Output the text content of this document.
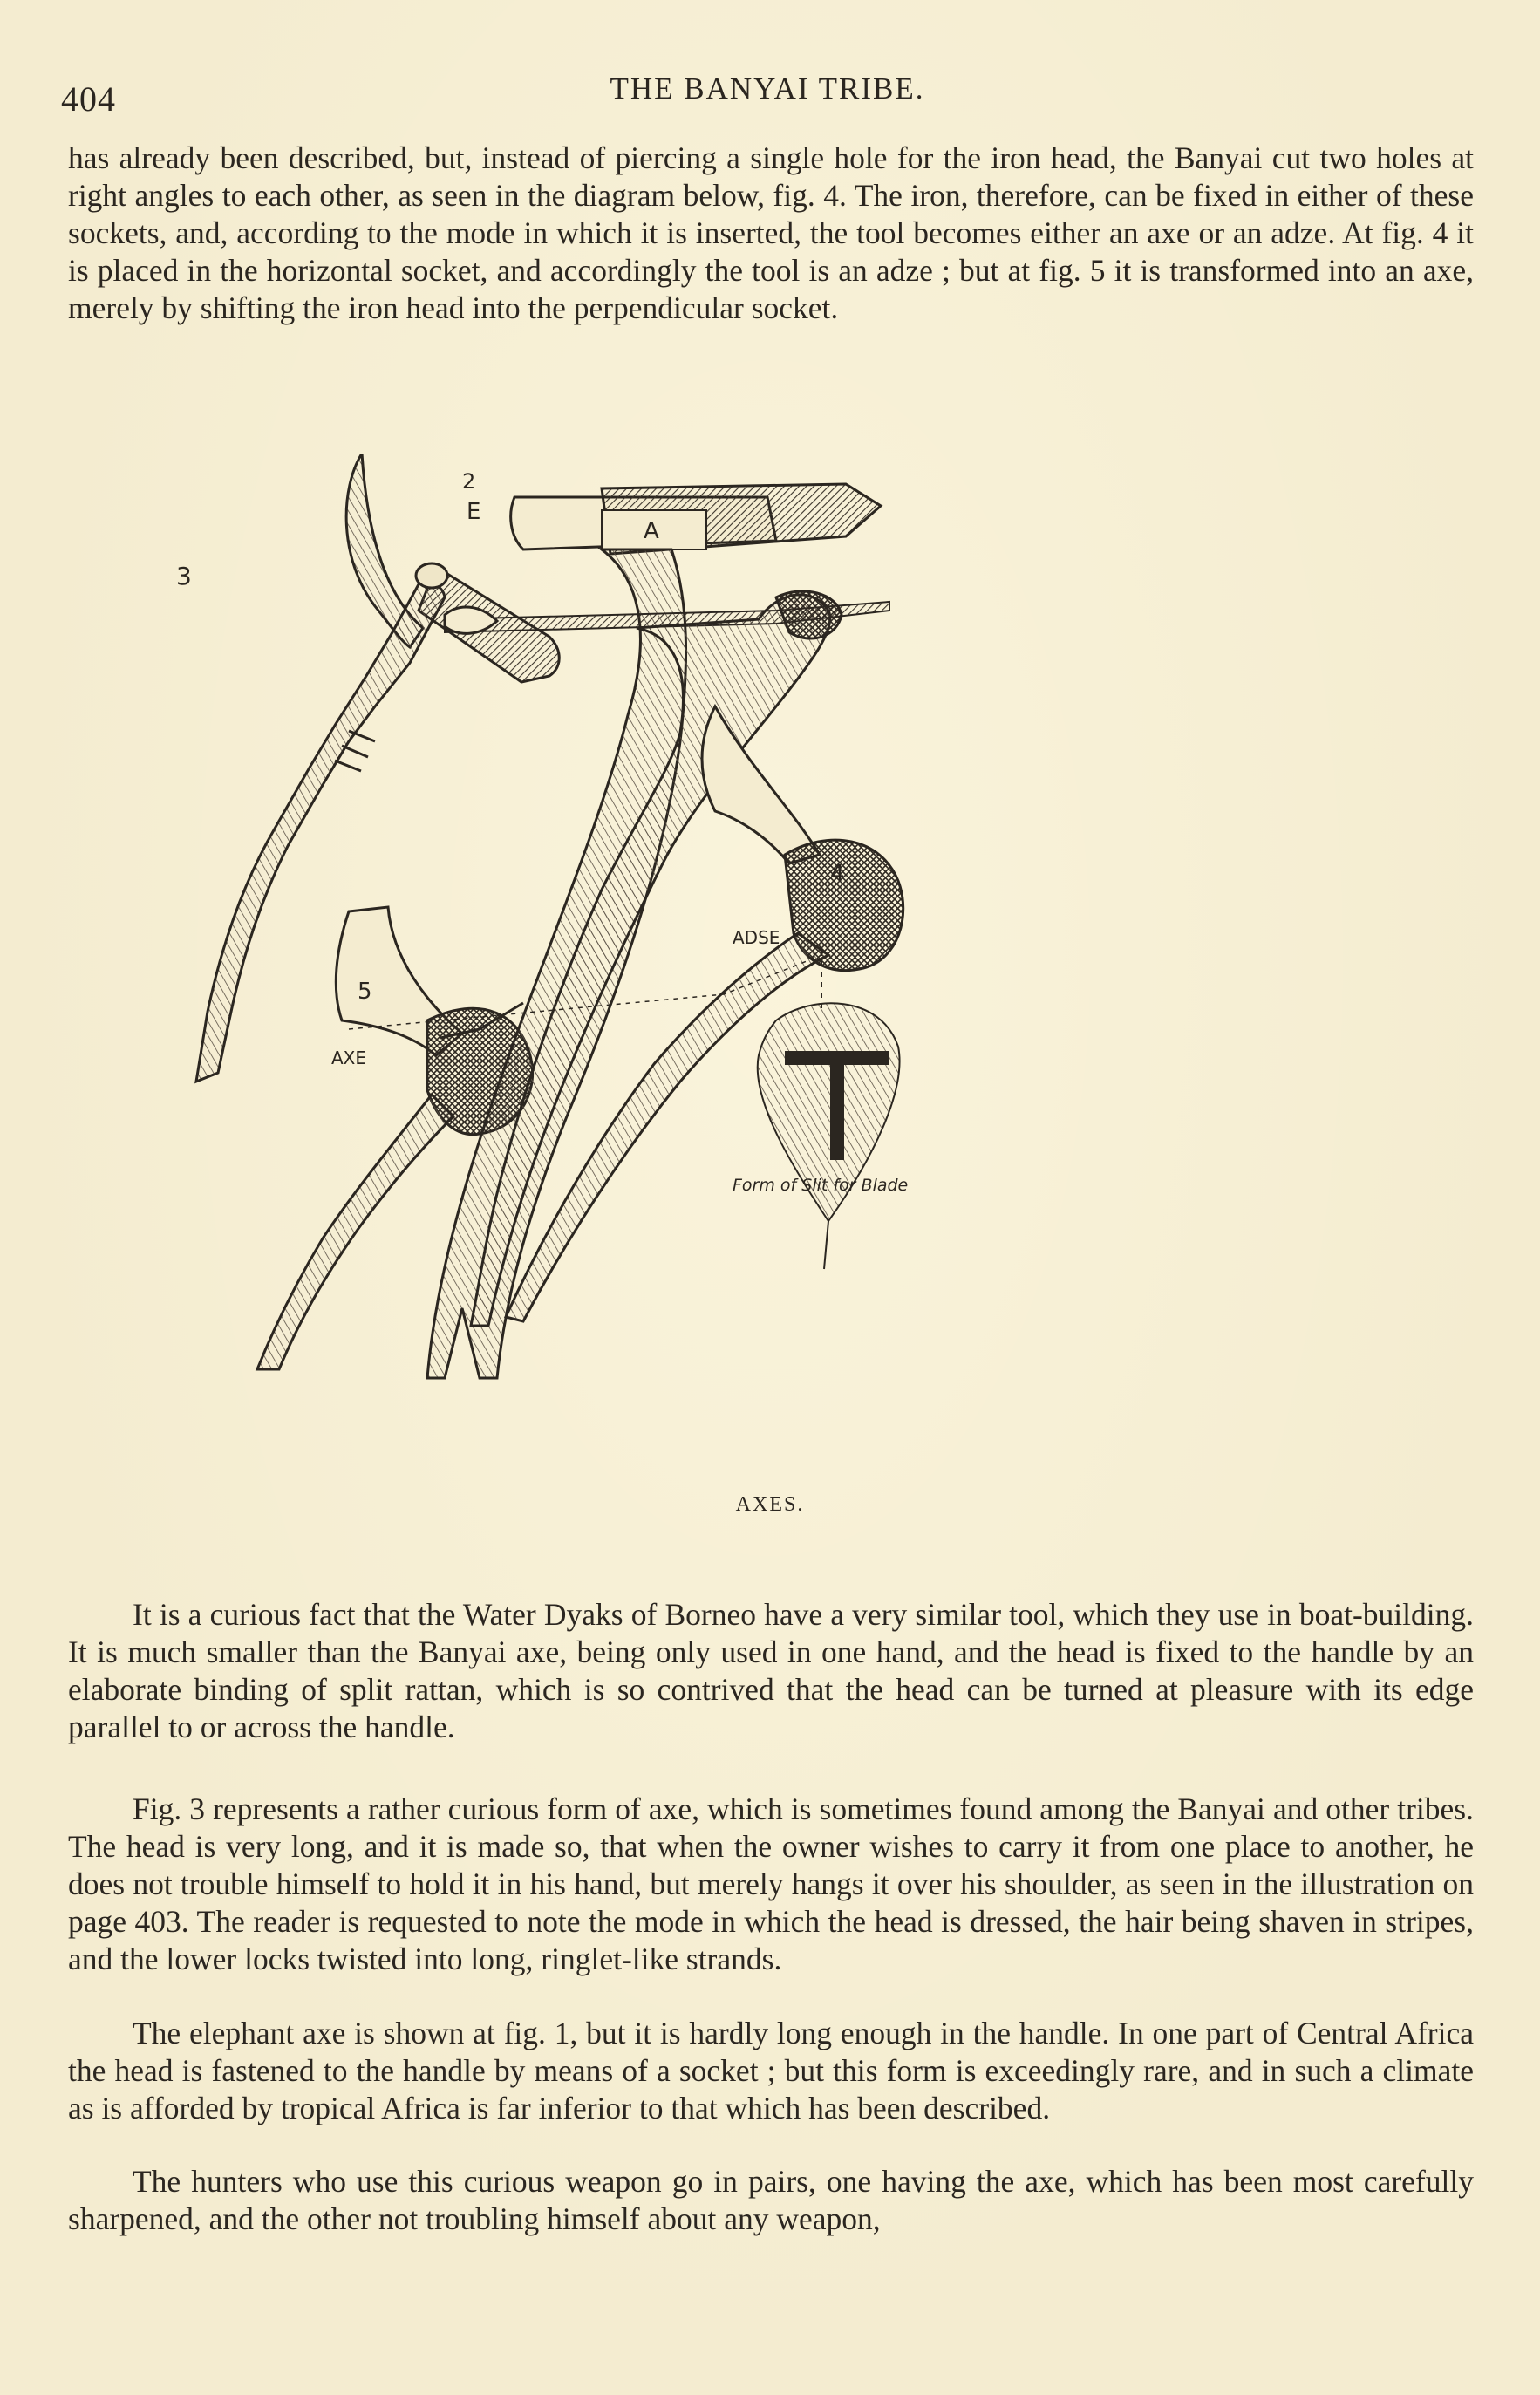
404	THE BANYAI TRIBE.

has already been described, but, instead of piercing a single hole for the iron head, the Banyai cut two holes at right angles to each other, as seen in the diagram below, fig. 4. The iron, therefore, can be fixed in either of these sockets, and, according to the mode in which it is inserted, the tool becomes either an axe or an adze. At fig. 4 it is placed in the horizontal socket, and accordingly the tool is an adze ; but at fig. 5 it is transformed into an axe, merely by shifting the iron head into the perpendicular socket.

3
2
E
A
5
AXE
ADSE
4
Form of Slit for Blade
AXES.

It is a curious fact that the Water Dyaks of Borneo have a very similar tool, which they use in boat-building. It is much smaller than the Banyai axe, being only used in one hand, and the head is fixed to the handle by an elaborate binding of split rattan, which is so contrived that the head can be turned at pleasure with its edge parallel to or across the handle.

Fig. 3 represents a rather curious form of axe, which is sometimes found among the Banyai and other tribes. The head is very long, and it is made so, that when the owner wishes to carry it from one place to another, he does not trouble himself to hold it in his hand, but merely hangs it over his shoulder, as seen in the illustration on page 403. The reader is requested to note the mode in which the head is dressed, the hair being shaven in stripes, and the lower locks twisted into long, ringlet-like strands.

The elephant axe is shown at fig. 1, but it is hardly long enough in the handle. In one part of Central Africa the head is fastened to the handle by means of a socket ; but this form is exceedingly rare, and in such a climate as is afforded by tropical Africa is far inferior to that which has been described.

The hunters who use this curious weapon go in pairs, one having the axe, which has been most carefully sharpened, and the other not troubling himself about any weapon,
